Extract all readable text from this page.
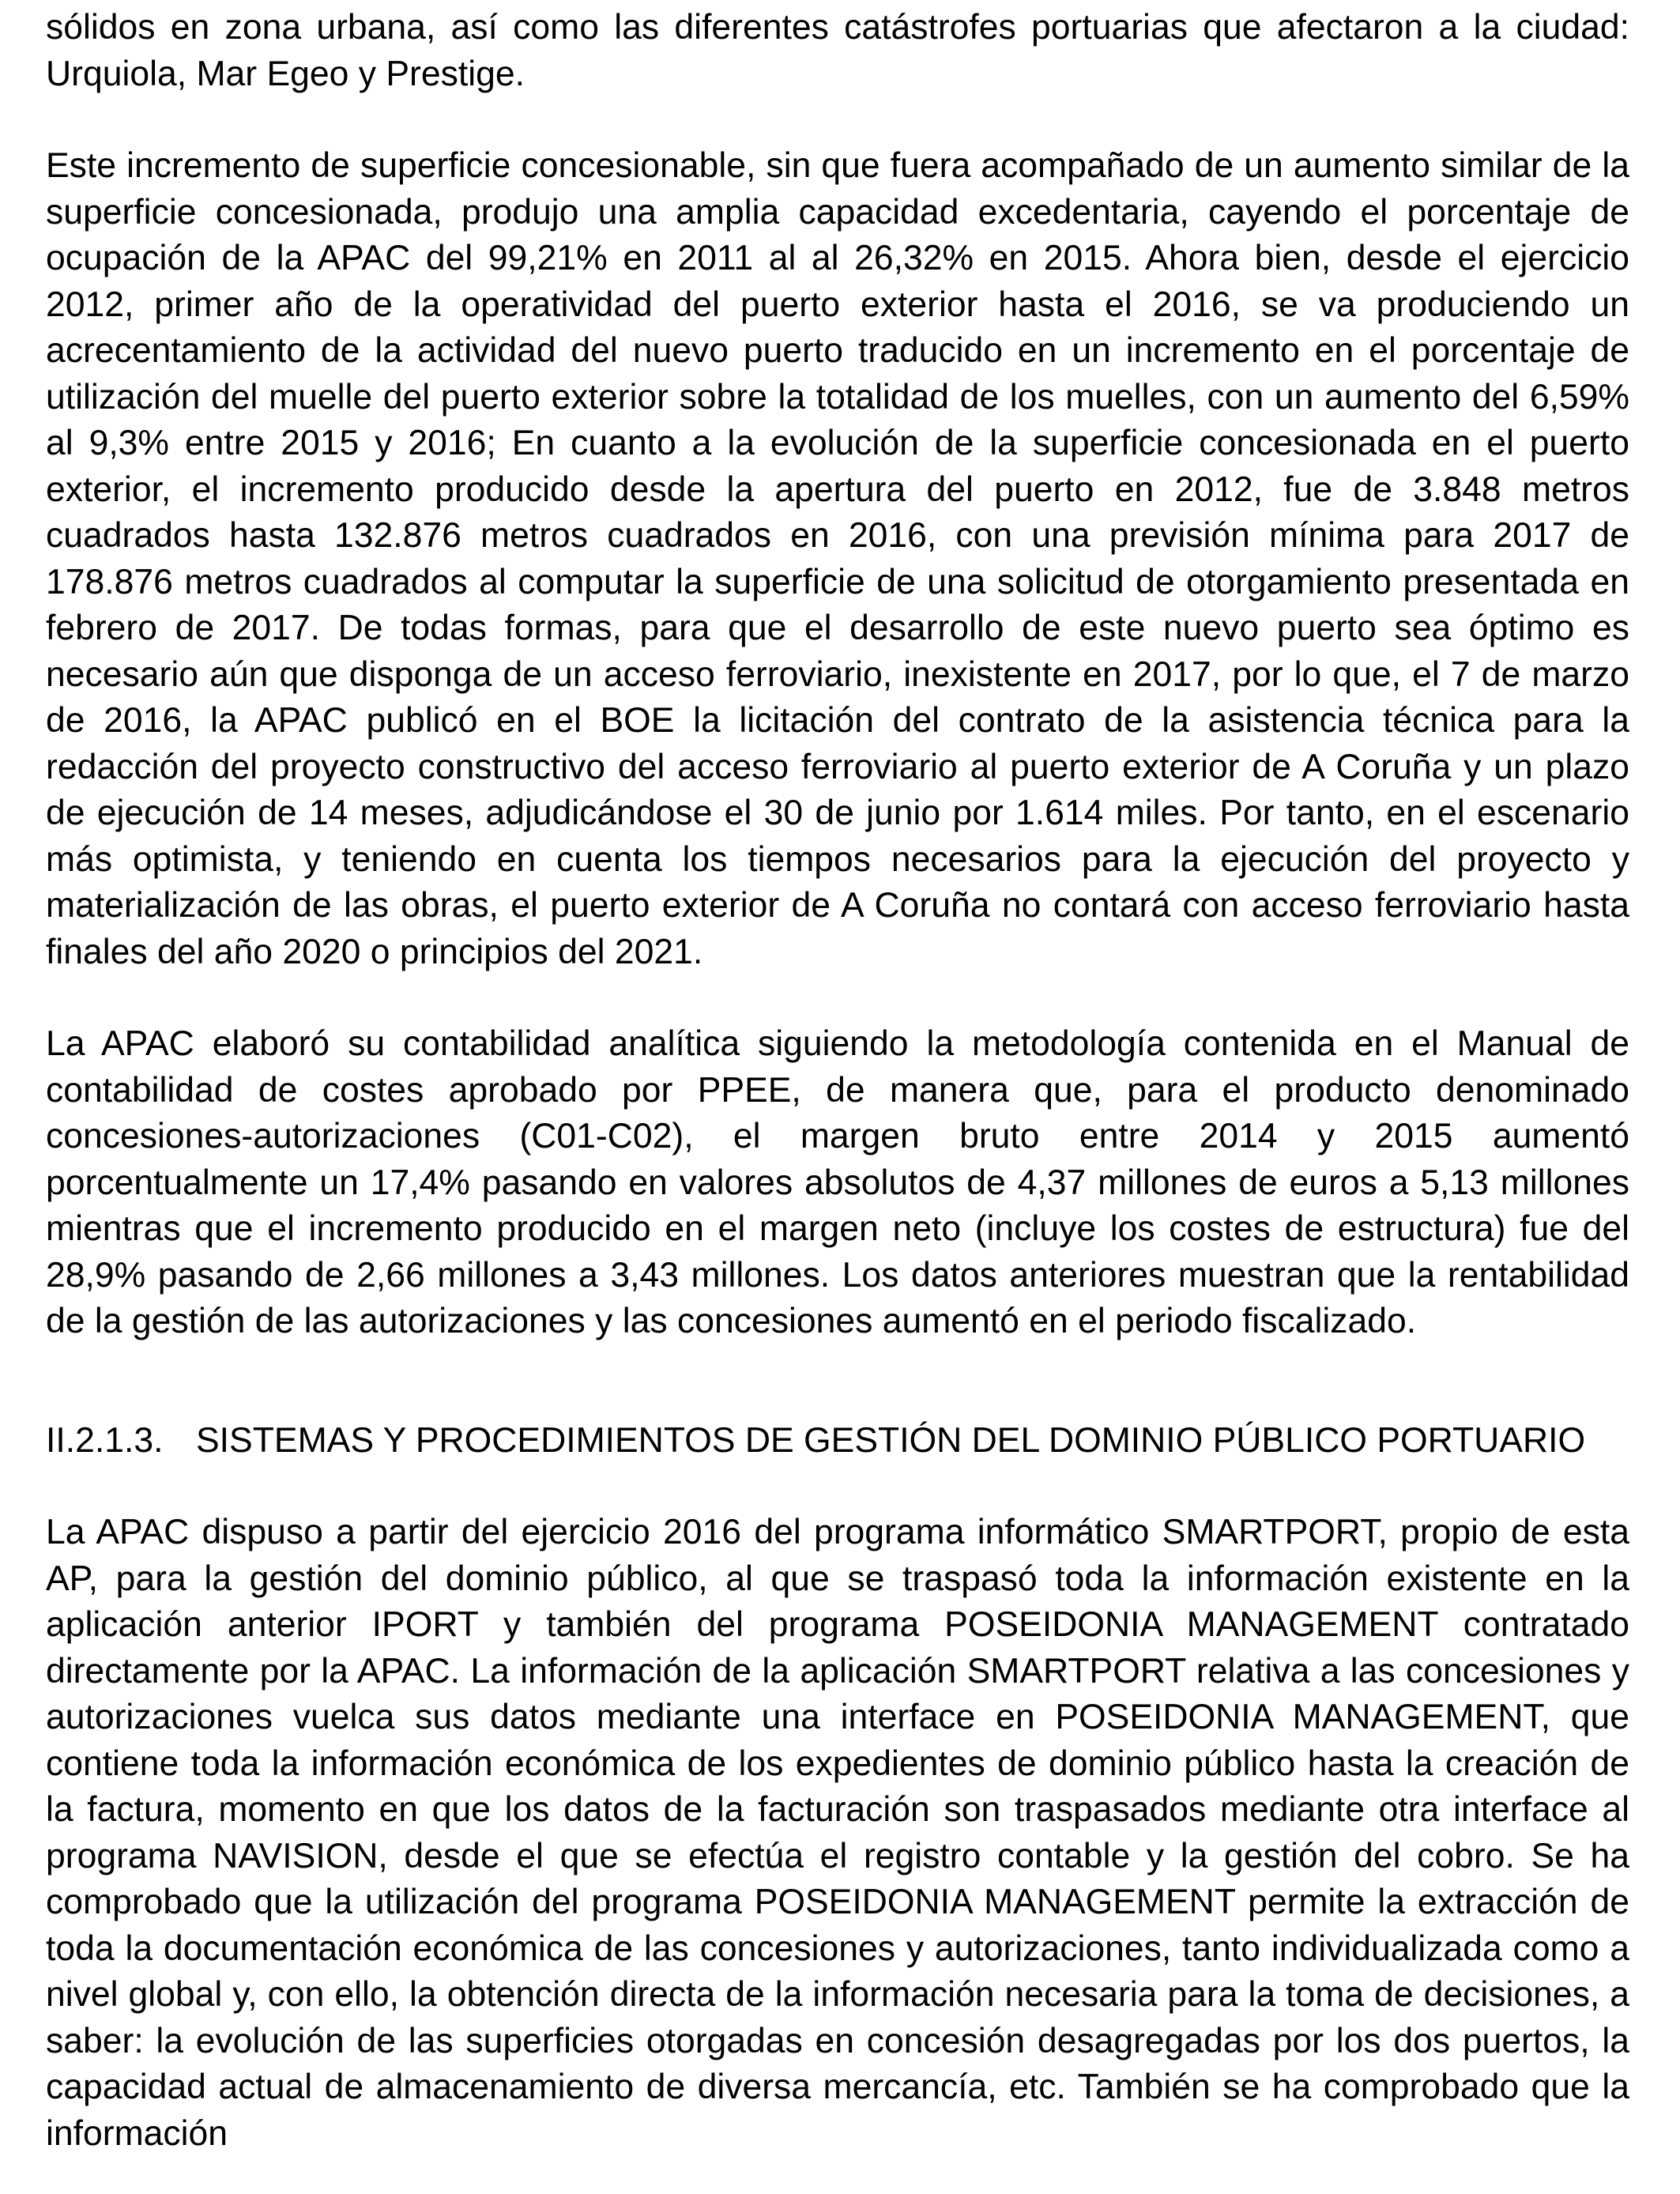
sólidos en zona urbana, así como las diferentes catástrofes portuarias que afectaron a la ciudad: Urquiola, Mar Egeo y Prestige.

Este incremento de superficie concesionable, sin que fuera acompañado de un aumento similar de la superficie concesionada, produjo una amplia capacidad excedentaria, cayendo el porcentaje de ocupación de la APAC del 99,21% en 2011 al al 26,32% en 2015. Ahora bien, desde el ejercicio 2012, primer año de la operatividad del puerto exterior hasta el 2016, se va produciendo un acrecentamiento de la actividad del nuevo puerto traducido en un incremento en el porcentaje de utilización del muelle del puerto exterior sobre la totalidad de los muelles, con un aumento del 6,59% al 9,3% entre 2015 y 2016; En cuanto a la evolución de la superficie concesionada en el puerto exterior, el incremento producido desde la apertura del puerto en 2012, fue de 3.848 metros cuadrados hasta 132.876 metros cuadrados en 2016, con una previsión mínima para 2017 de 178.876 metros cuadrados al computar la superficie de una solicitud de otorgamiento presentada en febrero de 2017. De todas formas, para que el desarrollo de este nuevo puerto sea óptimo es necesario aún que disponga de un acceso ferroviario, inexistente en 2017, por lo que, el 7 de marzo de 2016, la APAC publicó en el BOE la licitación del contrato de la asistencia técnica para la redacción del proyecto constructivo del acceso ferroviario al puerto exterior de A Coruña y un plazo de ejecución de 14 meses, adjudicándose el 30 de junio por 1.614 miles. Por tanto, en el escenario más optimista, y teniendo en cuenta los tiempos necesarios para la ejecución del proyecto y materialización de las obras, el puerto exterior de A Coruña no contará con acceso ferroviario hasta finales del año 2020 o principios del 2021.

La APAC elaboró su contabilidad analítica siguiendo la metodología contenida en el Manual de contabilidad de costes aprobado por PPEE, de manera que, para el producto denominado concesiones-autorizaciones (C01-C02), el margen bruto entre 2014 y 2015 aumentó porcentualmente un 17,4% pasando en valores absolutos de 4,37 millones de euros a 5,13 millones mientras que el incremento producido en el margen neto (incluye los costes de estructura) fue del 28,9% pasando de 2,66 millones a 3,43 millones. Los datos anteriores muestran que la rentabilidad de la gestión de las autorizaciones y las concesiones aumentó en el periodo fiscalizado.

II.2.1.3. SISTEMAS Y PROCEDIMIENTOS DE GESTIÓN DEL DOMINIO PÚBLICO PORTUARIO

La APAC dispuso a partir del ejercicio 2016 del programa informático SMARTPORT, propio de esta AP, para la gestión del dominio público, al que se traspasó toda la información existente en la aplicación anterior IPORT y también del programa POSEIDONIA MANAGEMENT contratado directamente por la APAC. La información de la aplicación SMARTPORT relativa a las concesiones y autorizaciones vuelca sus datos mediante una interface en POSEIDONIA MANAGEMENT, que contiene toda la información económica de los expedientes de dominio público hasta la creación de la factura, momento en que los datos de la facturación son traspasados mediante otra interface al programa NAVISION, desde el que se efectúa el registro contable y la gestión del cobro. Se ha comprobado que la utilización del programa POSEIDONIA MANAGEMENT permite la extracción de toda la documentación económica de las concesiones y autorizaciones, tanto individualizada como a nivel global y, con ello, la obtención directa de la información necesaria para la toma de decisiones, a saber: la evolución de las superficies otorgadas en concesión desagregadas por los dos puertos, la capacidad actual de almacenamiento de diversa mercancía, etc. También se ha comprobado que la información
